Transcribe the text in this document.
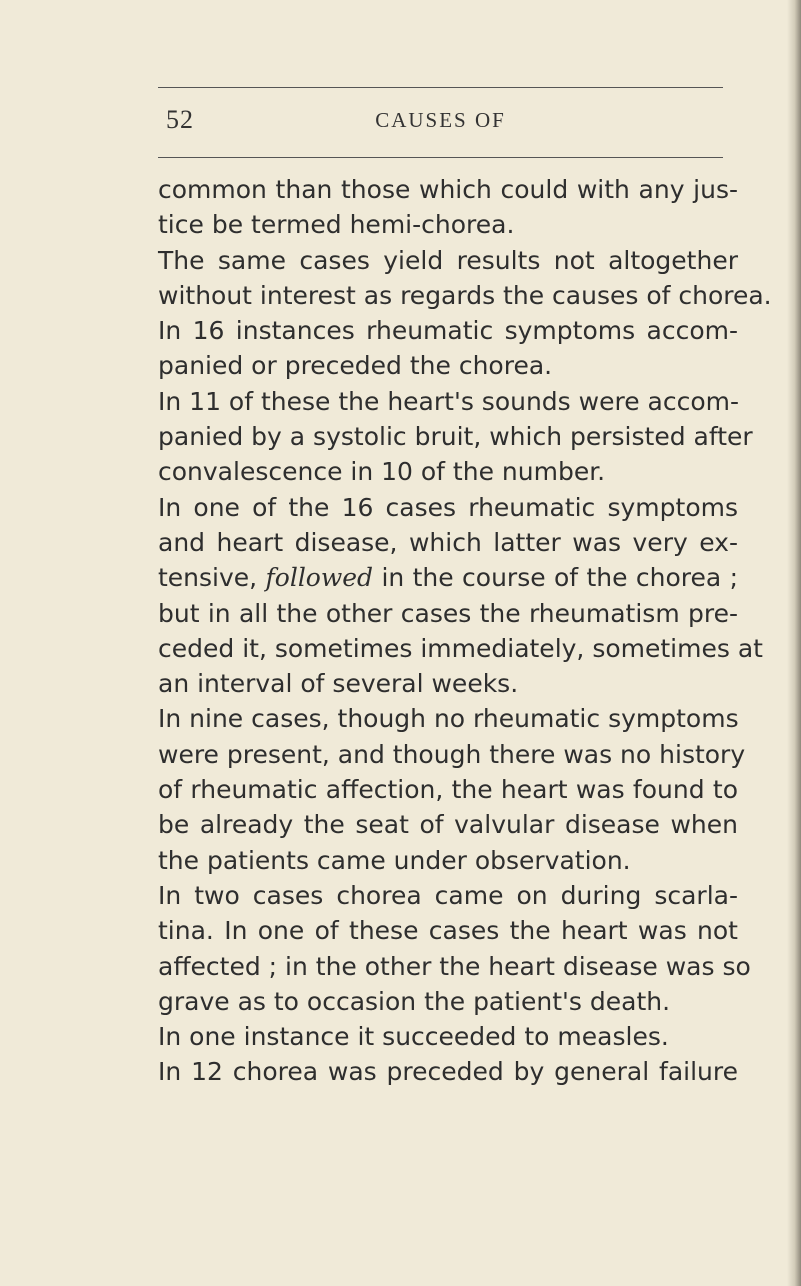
52	CAUSES OF
common than those which could with any jus-
tice be termed hemi-chorea.
The same cases yield results not altogether
without interest as regards the causes of chorea.
In 16 instances rheumatic symptoms accom-
panied or preceded the chorea.
In 11 of these the heart's sounds were accom-
panied by a systolic bruit, which persisted after
convalescence in 10 of the number.
In one of the 16 cases rheumatic symptoms
and heart disease, which latter was very ex-
tensive, followed in the course of the chorea ;
but in all the other cases the rheumatism pre-
ceded it, sometimes immediately, sometimes at
an interval of several weeks.
In nine cases, though no rheumatic symptoms
were present, and though there was no history
of rheumatic affection, the heart was found to
be already the seat of valvular disease when
the patients came under observation.
In two cases chorea came on during scarla-
tina. In one of these cases the heart was not
affected ; in the other the heart disease was so
grave as to occasion the patient's death.
In one instance it succeeded to measles.
In 12 chorea was preceded by general failure
